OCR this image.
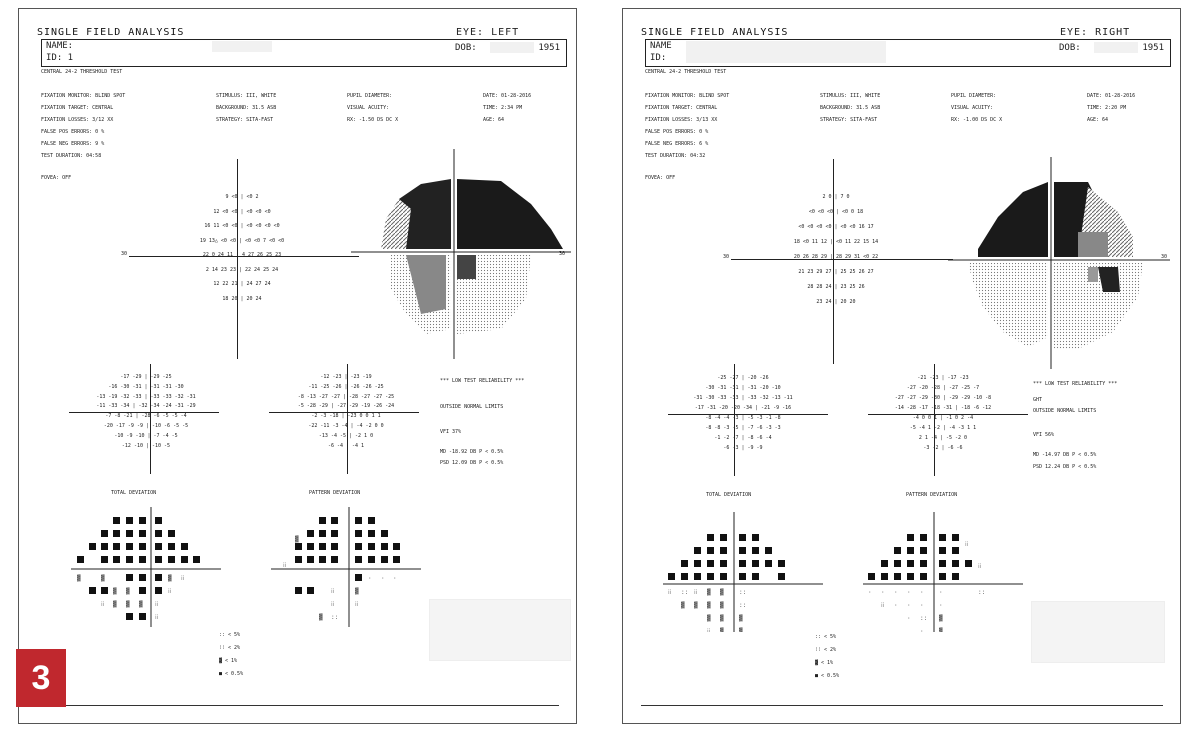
SINGLE FIELD ANALYSIS	EYE: LEFT
NAME:
ID: 1
DOB:	1951
CENTRAL 24-2 THRESHOLD TEST
FIXATION MONITOR: BLIND SPOT
FIXATION TARGET: CENTRAL
FIXATION LOSSES: 3/12 XX
FALSE POS ERRORS: 0 %
FALSE NEG ERRORS: 9 %
TEST DURATION: 04:58
STIMULUS: III, WHITE
BACKGROUND: 31.5 ASB
STRATEGY: SITA-FAST
PUPIL DIAMETER:
VISUAL ACUITY:
RX: -1.50 DS DC X
DATE: 01-28-2016
TIME: 2:34 PM
AGE: 64
FOVEA: OFF
30
9 <0 | <0 2
12 <0 <0 | <0 <0 <0
16 11 <0 <0 | <0 <0 <0 <0
19 13△ <0 <0 | <0 <0 7 <0 <0
22 0 24 11 | 4 27 26 25 23
2 14 23 23 | 22 24 25 24
12 22 21 | 24 27 24
18 20 | 20 24
30
-17 -29 | -29 -25
-16 -30 -31 | -31 -31 -30
-13 -19 -32 -33 | -33 -33 -32 -31
-11 -33 -34 | -32 -34 -24 -31 -29
-7 -8 -21 | -28 -6 -5 -5 -4
-20 -17 -9 -9 | -10 -6 -5 -5
-10 -9 -10 | -7 -4 -5
-12 -10 | -10 -5
-12 -23 | -23 -19
-11 -25 -26 | -26 -26 -25
-8 -13 -27 -27 | -28 -27 -27 -25
-5 -28 -29 | -27 -29 -19 -26 -24
-2 -3 -18 | -23 0 0 1 1
-22 -11 -3 -4 | -4 -2 0 0
-13 -4 -5 | -2 1 0
-6 -4 | -4 1
*** LOW TEST RELIABILITY ***
OUTSIDE NORMAL LIMITS
VFI 37%
MD -18.92 DB P < 0.5%
PSD 12.09 DB P < 0.5%
TOTAL DEVIATION	PATTERN DEVIATION
▓	▓	▓ ⁞⁞
▓ ▓	⁞⁞
⁞⁞ ▓ ▓ ▓ ⁞⁞
⁞⁞
▓
⁞⁞
⁞⁞	▓
⁞⁞	⁞⁞
▓ ::
· · ·
:: < 5%
⁞⁞ < 2%
▓ < 1%
■ < 0.5%
3
SINGLE FIELD ANALYSIS	EYE: RIGHT
NAME
ID:
DOB:	1951
CENTRAL 24-2 THRESHOLD TEST
FIXATION MONITOR: BLIND SPOT
FIXATION TARGET: CENTRAL
FIXATION LOSSES: 3/13 XX
FALSE POS ERRORS: 0 %
FALSE NEG ERRORS: 6 %
TEST DURATION: 04:32
STIMULUS: III, WHITE
BACKGROUND: 31.5 ASB
STRATEGY: SITA-FAST
PUPIL DIAMETER:
VISUAL ACUITY:
RX: -1.00 DS DC X
DATE: 01-28-2016
TIME: 2:20 PM
AGE: 64
FOVEA: OFF
30
2 0 | 7 0
<0 <0 <0 | <0 0 18
<0 <0 <0 <0 | <0 <0 16 17
18 <0 11 12 | <0 11 22 15 14
20 26 28 29 | 28 29 31 <0 22
21 23 29 27 | 25 25 26 27
28 28 24 | 23 25 26
23 24 | 20 20
30
-25 -27 | -20 -26
-30 -31 -31 | -31 -20 -10
-31 -30 -33 -33 | -33 -32 -13 -11
-17 -31 -20 -20 -34 | -21 -9 -16
-8 -4 -4 -3 | -5 -3 -1 -8
-8 -8 -3 -5 | -7 -6 -3 -3
-1 -2 -7 | -8 -6 -4
-6 -3 | -9 -9
-21 -23 | -17 -23
-27 -20 -28 | -27 -25 -7
-27 -27 -29 -30 | -29 -29 -10 -8
-14 -28 -17 -18 -31 | -18 -6 -12
-4 0 0 1 | -1 0 2 -4
-5 -4 1 -2 | -4 -3 1 1
2 1 -4 | -5 -2 0
-3 -2 | -6 -6
*** LOW TEST RELIABILITY ***
GHT
OUTSIDE NORMAL LIMITS
VFI 56%
MD -14.97 DB P < 0.5%
PSD 12.24 DB P < 0.5%
TOTAL DEVIATION	PATTERN DEVIATION
⁞⁞ :: ⁞⁞ ▓ ▓	::
▓ ▓ ▓ ▓	::
▓ ▓	▓
⁞⁞ ▓	▓
⁞⁞
⁞⁞
· · · · ·	·	::
⁞⁞ · · ·	·
· :: ▓
·	▓
:: < 5%
⁞⁞ < 2%
▓ < 1%
■ < 0.5%
